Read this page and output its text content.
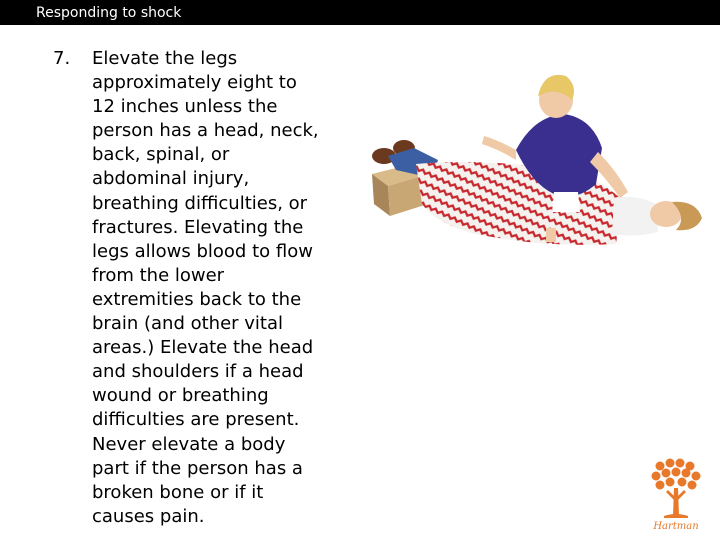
Responding to shock
7. Elevate the legs
approximately eight to
12 inches unless the
person has a head, neck,
back, spinal, or
abdominal injury,
breathing difficulties, or
fractures. Elevating the
legs allows blood to flow
from the lower
extremities back to the
brain (and other vital
areas.) Elevate the head
and shoulders if a head
wound or breathing
difficulties are present.
Never elevate a body
part if the person has a
broken bone or if it
causes pain.	Hartman
